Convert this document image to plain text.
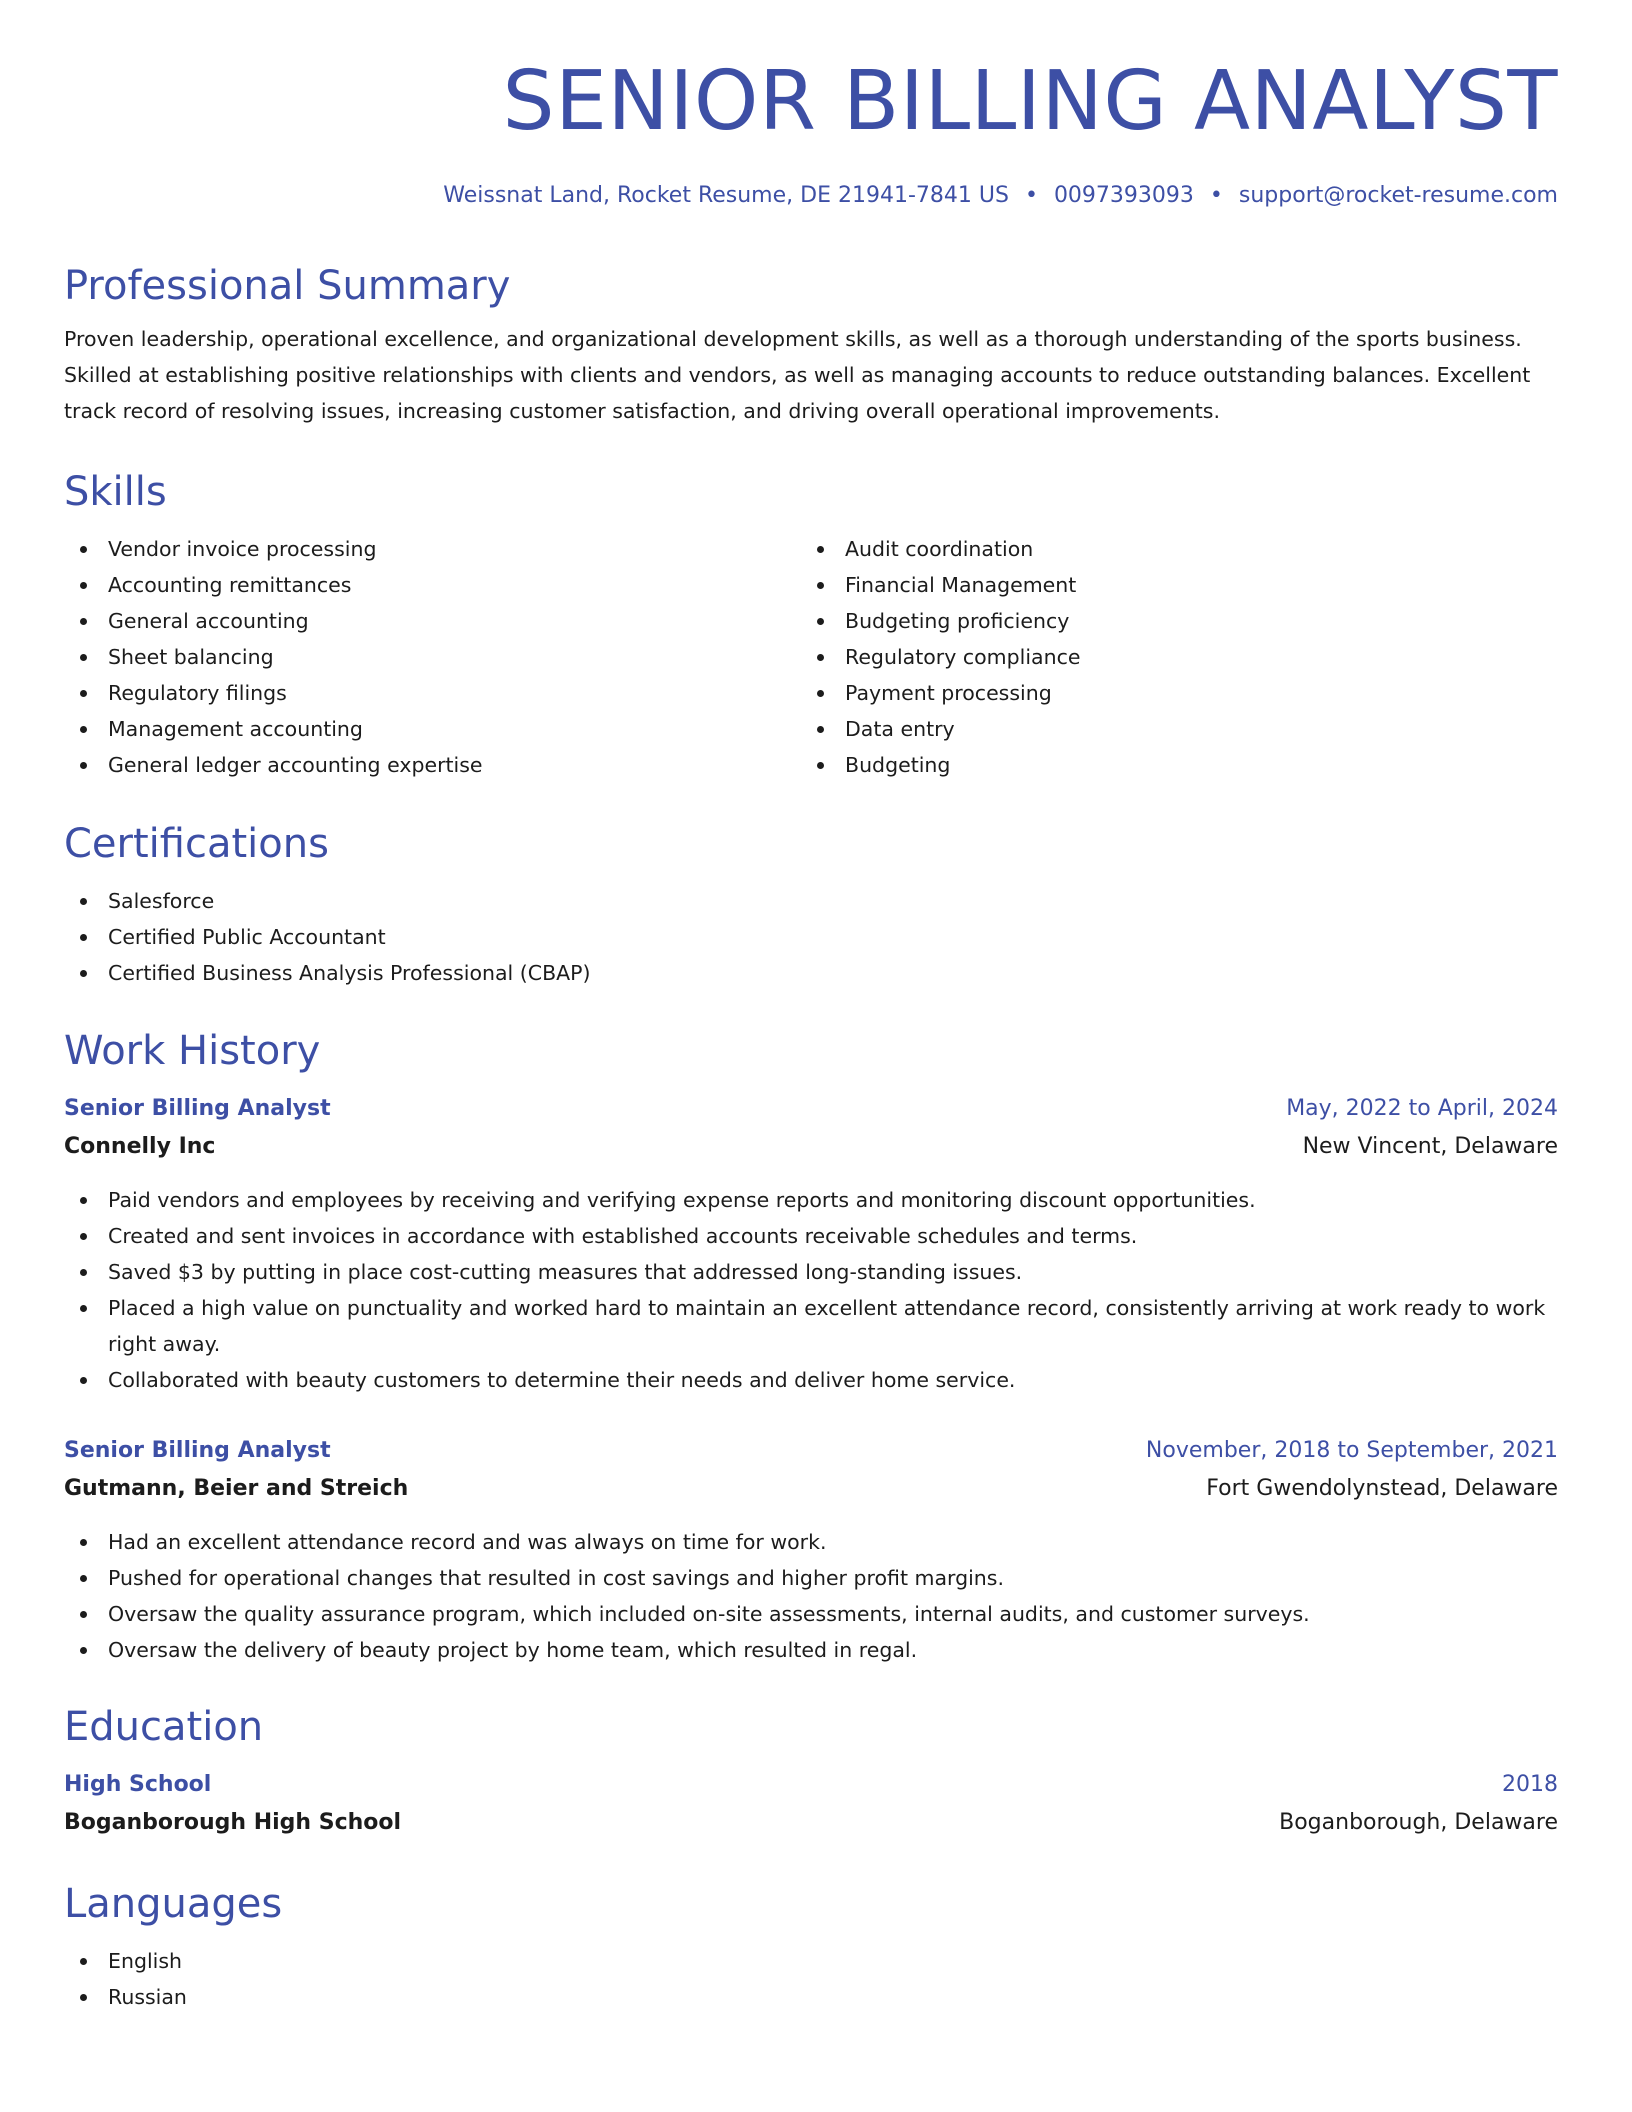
SENIOR BILLING ANALYST
Weissnat Land, Rocket Resume, DE 21941-7841 US • 0097393093 • support@rocket-resume.com
Professional Summary

Proven leadership, operational excellence, and organizational development skills, as well as a thorough understanding of the sports business. Skilled at establishing positive relationships with clients and vendors, as well as managing accounts to reduce outstanding balances. Excellent track record of resolving issues, increasing customer satisfaction, and driving overall operational improvements.

Skills
Vendor invoice processing
Accounting remittances
General accounting
Sheet balancing
Regulatory filings
Management accounting
General ledger accounting expertise
Audit coordination
Financial Management
Budgeting proficiency
Regulatory compliance
Payment processing
Data entry
Budgeting
Certifications
Salesforce
Certified Public Accountant
Certified Business Analysis Professional (CBAP)
Work History
Senior Billing Analyst	May, 2022 to April, 2024
Connelly Inc	New Vincent, Delaware
Paid vendors and employees by receiving and verifying expense reports and monitoring discount opportunities.
Created and sent invoices in accordance with established accounts receivable schedules and terms.
Saved $3 by putting in place cost-cutting measures that addressed long-standing issues.
Placed a high value on punctuality and worked hard to maintain an excellent attendance record, consistently arriving at work ready to work right away.
Collaborated with beauty customers to determine their needs and deliver home service.
Senior Billing Analyst	November, 2018 to September, 2021
Gutmann, Beier and Streich	Fort Gwendolynstead, Delaware
Had an excellent attendance record and was always on time for work.
Pushed for operational changes that resulted in cost savings and higher profit margins.
Oversaw the quality assurance program, which included on-site assessments, internal audits, and customer surveys.
Oversaw the delivery of beauty project by home team, which resulted in regal.
Education
High School	2018
Boganborough High School	Boganborough, Delaware
Languages
English
Russian
